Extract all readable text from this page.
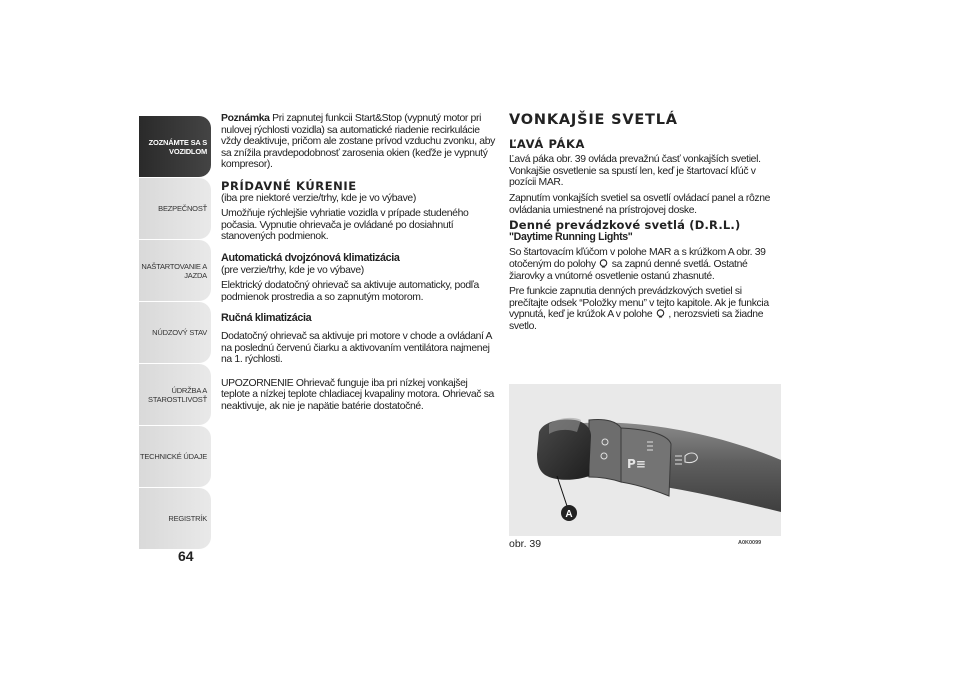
ZOZNÁMTE SA S VOZIDLOM
BEZPEČNOSŤ
NAŠTARTOVANIE A JAZDA
NÚDZOVÝ STAV
ÚDRŽBA A STAROSTLIVOSŤ
TECHNICKÉ ÚDAJE
REGISTRÍK
64

Poznámka Pri zapnutej funkcii Start&Stop (vypnutý motor pri nulovej rýchlosti vozidla) sa automatické riadenie recirkulácie vždy deaktivuje, pričom ale zostane prívod vzduchu zvonku, aby sa znížila pravdepodobnosť zarosenia okien (keďže je vypnutý kompresor).

PRÍDAVNÉ KÚRENIE
(iba pre niektoré verzie/trhy, kde je vo výbave)

Umožňuje rýchlejšie vyhriatie vozidla v prípade studeného počasia. Vypnutie ohrievača je ovládané po dosiahnutí stanovených podmienok.

Automatická dvojzónová klimatizácia
(pre verzie/trhy, kde je vo výbave)

Elektrický dodatočný ohrievač sa aktivuje automaticky, podľa podmienok prostredia a so zapnutým motorom.

Ručná klimatizácia

Dodatočný ohrievač sa aktivuje pri motore v chode a ovládaní A na poslednú červenú čiarku a aktivovaním ventilátora najmenej na 1. rýchlosti.

UPOZORNENIE Ohrievač funguje iba pri nízkej vonkajšej teplote a nízkej teplote chladiacej kvapaliny motora. Ohrievač sa neaktivuje, ak nie je napätie batérie dostatočné.

VONKAJŠIE SVETLÁ
ĽAVÁ PÁKA

Ľavá páka obr. 39 ovláda prevažnú časť vonkajších svetiel. Vonkajšie osvetlenie sa spustí len, keď je štartovací kľúč v pozícii MAR.

Zapnutím vonkajších svetiel sa osvetlí ovládací panel a rôzne ovládania umiestnené na prístrojovej doske.

Denné prevádzkové svetlá (D.R.L.)
"Daytime Running Lights"

So štartovacím kľúčom v polohe MAR a s krúžkom A obr. 39 otočeným do polohy sa zapnú denné svetlá. Ostatné žiarovky a vnútorné osvetlenie ostanú zhasnuté.

Pre funkcie zapnutia denných prevádzkových svetiel si prečítajte odsek “Položky menu” v tejto kapitole. Ak je funkcia vypnutá, keď je krúžok A v polohe , nerozsvieti sa žiadne svetlo.

P≡
A
obr. 39	A0K0099
